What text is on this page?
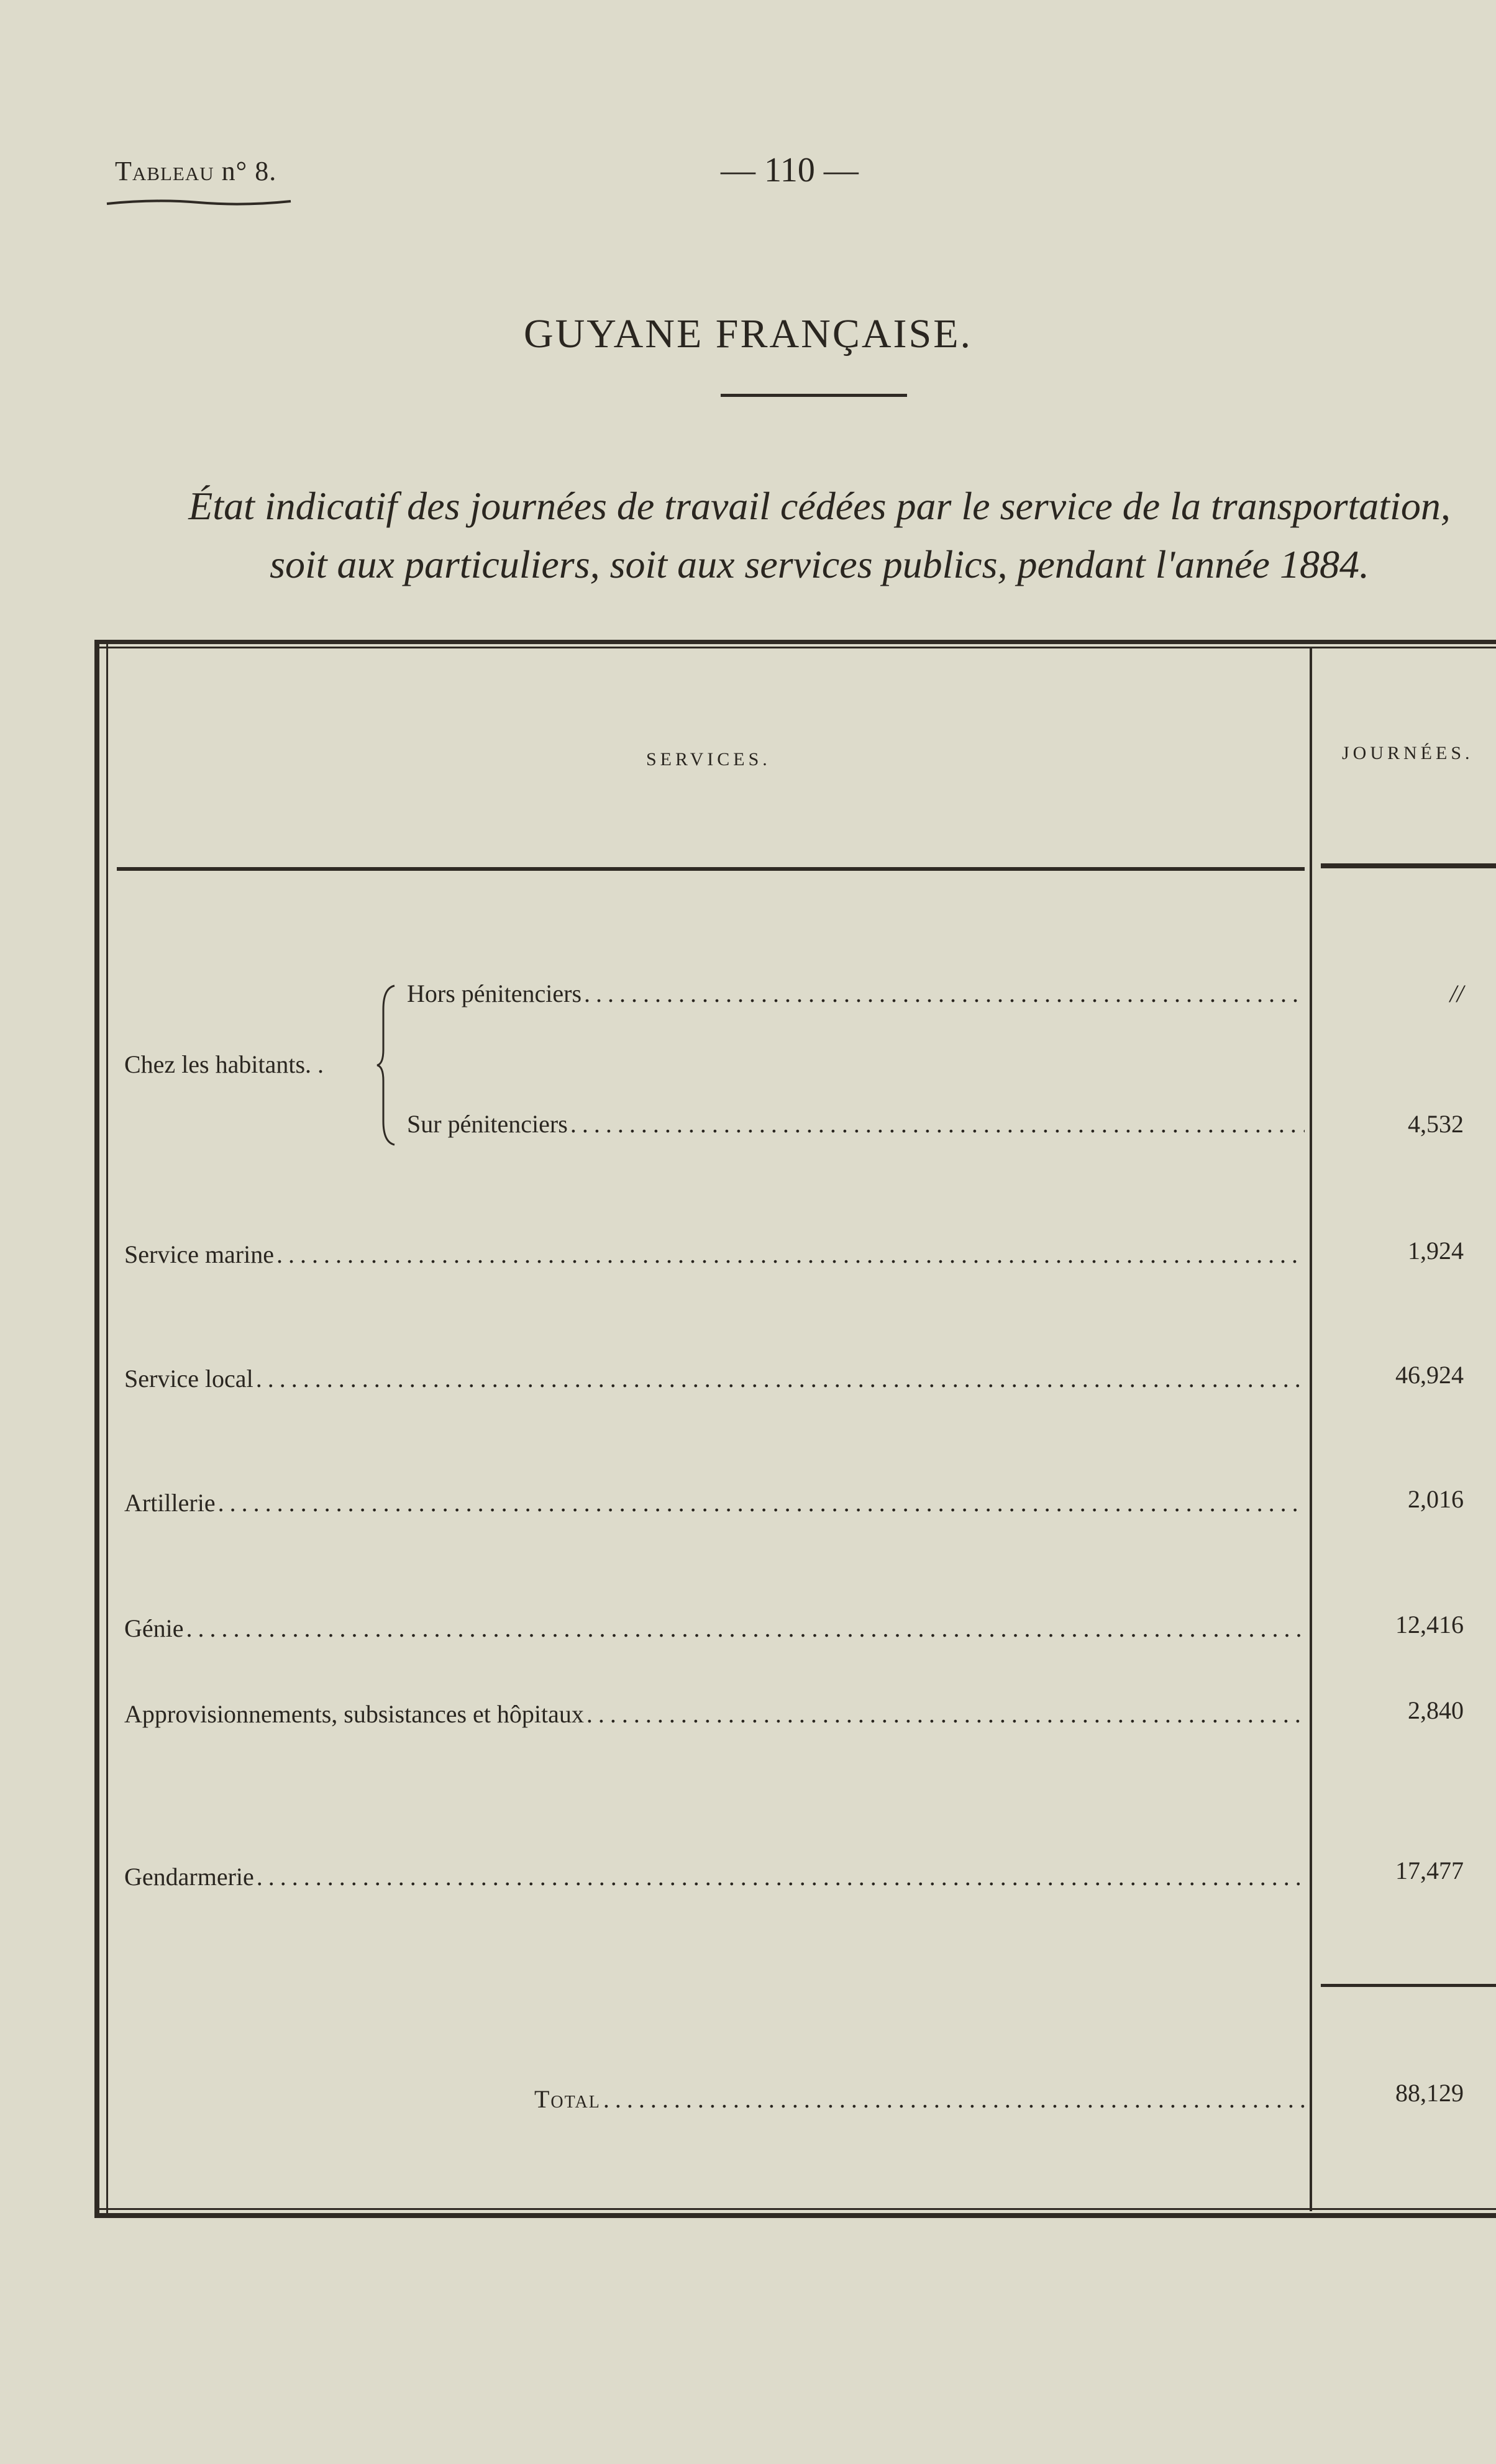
Tableau n° 8.	— 110 —
GUYANE FRANÇAISE.
État indicatif des journées de travail cédées par le service de la transportation,
soit aux particuliers, soit aux services publics, pendant l'année 1884.
SERVICES.	JOURNÉES.
Chez les habitants. .
Hors pénitenciers .....	//
Sur pénitenciers .....	4,532
Service marine .....	1,924
Service local .....	46,924
Artillerie .....	2,016
Génie .....	12,416
Approvisionnements, subsistances et hôpitaux .....	2,840
Gendarmerie .....	17,477
Total .....	88,129
